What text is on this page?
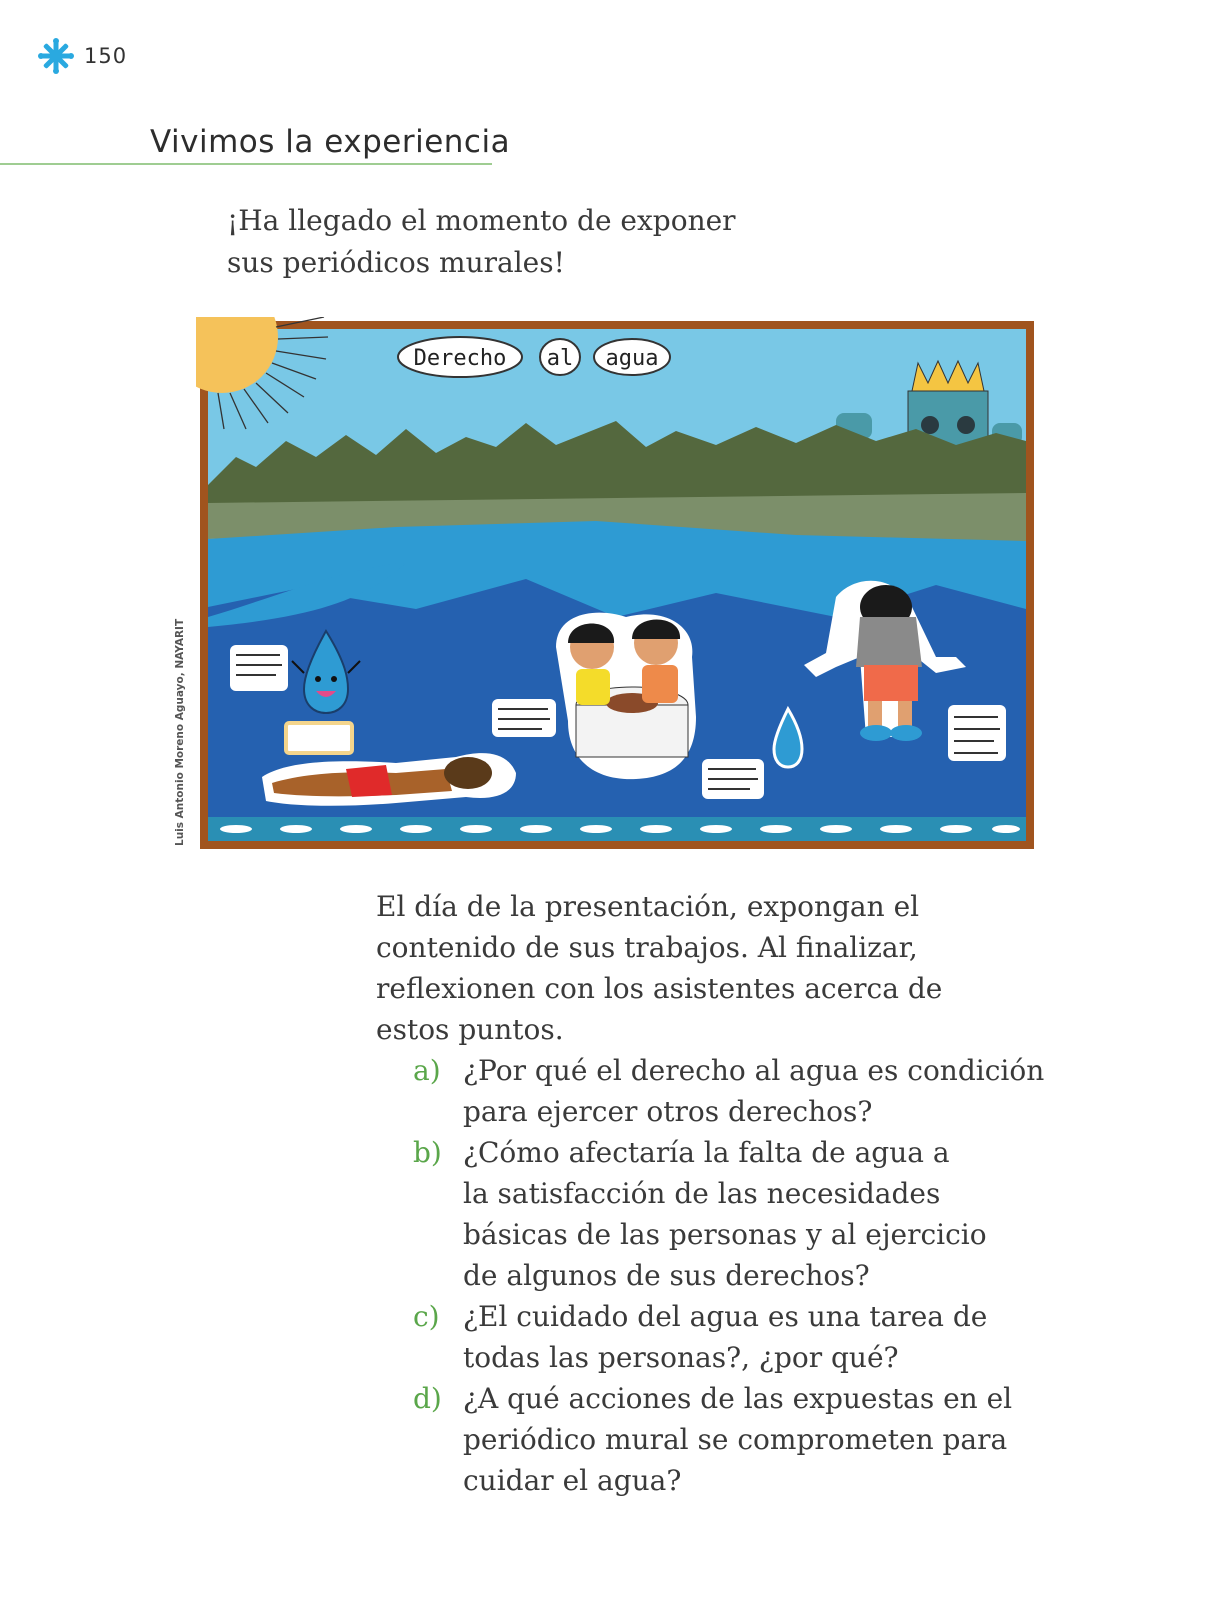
150
Vivimos la experiencia

¡Ha llegado el momento de exponer
sus periódicos murales!

Derecho al agua
Luis Antonio Moreno Aguayo, NAYARIT

El día de la presentación, expongan el
contenido de sus trabajos. Al finalizar,
reflexionen con los asistentes acerca de
estos puntos.

a) ¿Por qué el derecho al agua es condición
para ejercer otros derechos?
b) ¿Cómo afectaría la falta de agua a
la satisfacción de las necesidades
básicas de las personas y al ejercicio
de algunos de sus derechos?
c) ¿El cuidado del agua es una tarea de
todas las personas?, ¿por qué?
d) ¿A qué acciones de las expuestas en el
periódico mural se comprometen para
cuidar el agua?
